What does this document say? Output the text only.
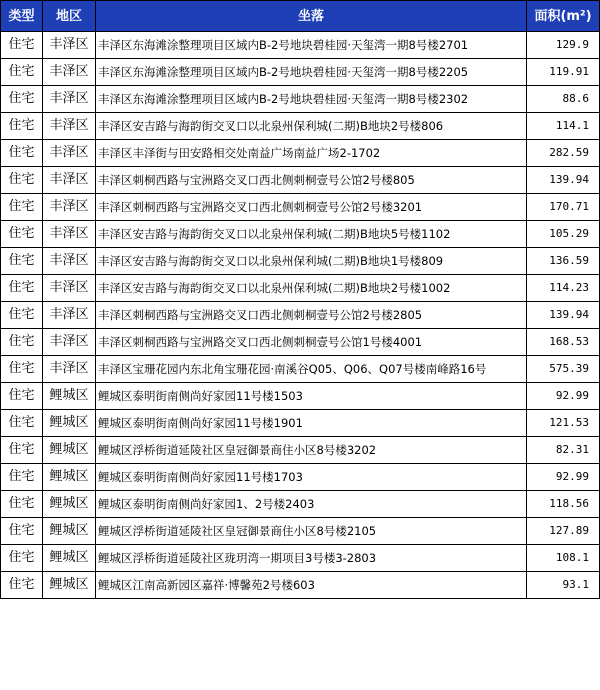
类型	地区	坐落	面积(m²)
住宅	丰泽区	丰泽区东海滩涂整理项目区域内B-2号地块碧桂园·天玺湾一期8号楼2701	129.9
住宅	丰泽区	丰泽区东海滩涂整理项目区域内B-2号地块碧桂园·天玺湾一期8号楼2205	119.91
住宅	丰泽区	丰泽区东海滩涂整理项目区域内B-2号地块碧桂园·天玺湾一期8号楼2302	88.6
住宅	丰泽区	丰泽区安吉路与海韵街交叉口以北泉州保利城(二期)B地块2号楼806	114.1
住宅	丰泽区	丰泽区丰泽街与田安路相交处南益广场南益广场2-1702	282.59
住宅	丰泽区	丰泽区刺桐西路与宝洲路交叉口西北侧刺桐壹号公馆2号楼805	139.94
住宅	丰泽区	丰泽区刺桐西路与宝洲路交叉口西北侧刺桐壹号公馆2号楼3201	170.71
住宅	丰泽区	丰泽区安吉路与海韵街交叉口以北泉州保利城(二期)B地块5号楼1102	105.29
住宅	丰泽区	丰泽区安吉路与海韵街交叉口以北泉州保利城(二期)B地块1号楼809	136.59
住宅	丰泽区	丰泽区安吉路与海韵街交叉口以北泉州保利城(二期)B地块2号楼1002	114.23
住宅	丰泽区	丰泽区刺桐西路与宝洲路交叉口西北侧刺桐壹号公馆2号楼2805	139.94
住宅	丰泽区	丰泽区刺桐西路与宝洲路交叉口西北侧刺桐壹号公馆1号楼4001	168.53
住宅	丰泽区	丰泽区宝珊花园内东北角宝珊花园·南溪谷Q05、Q06、Q07号楼南峰路16号	575.39
住宅	鲤城区	鲤城区泰明街南侧尚好家园11号楼1503	92.99
住宅	鲤城区	鲤城区泰明街南侧尚好家园11号楼1901	121.53
住宅	鲤城区	鲤城区浮桥街道延陵社区皇冠御景商住小区8号楼3202	82.31
住宅	鲤城区	鲤城区泰明街南侧尚好家园11号楼1703	92.99
住宅	鲤城区	鲤城区泰明街南侧尚好家园1、2号楼2403	118.56
住宅	鲤城区	鲤城区浮桥街道延陵社区皇冠御景商住小区8号楼2105	127.89
住宅	鲤城区	鲤城区浮桥街道延陵社区珑玥湾一期项目3号楼3-2803	108.1
住宅	鲤城区	鲤城区江南高新园区嘉祥·博馨苑2号楼603	93.1
